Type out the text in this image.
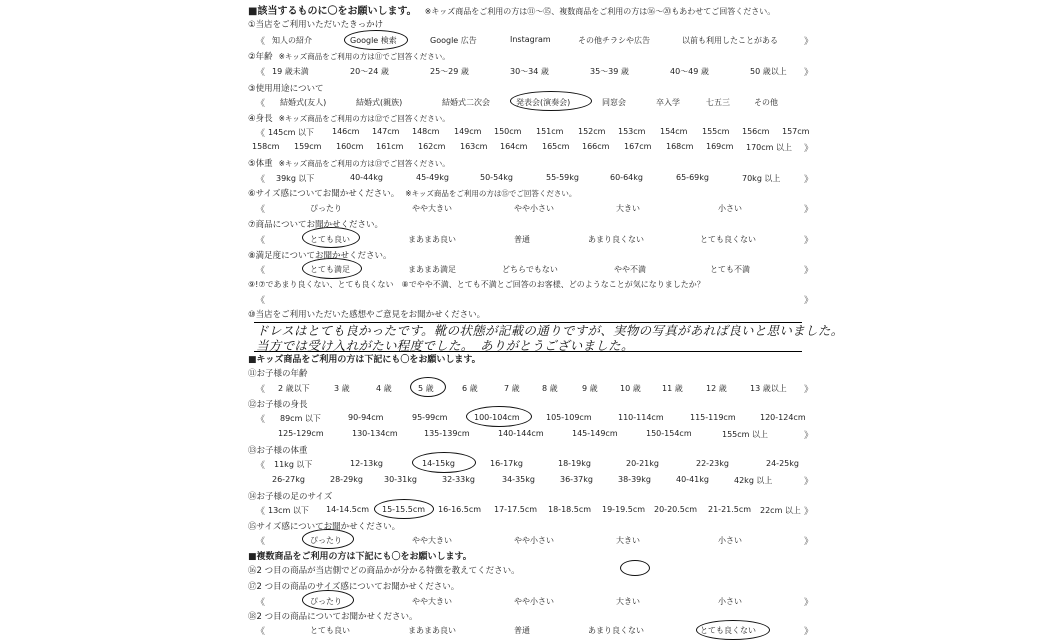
■該当するものに〇をお願いします。 ※キッズ商品をご利用の方は⑪〜⑮、複数商品をご利用の方は⑯〜⑳もあわせてご回答ください。
①当店をご利用いただいたきっかけ
《 知人の紹介	Google 検索	Google 広告	Instagram	その他チラシや広告	以前も利用したことがある	》
②年齢 ※キッズ商品をご利用の方は⑪でご回答ください。
《 19 歳未満	20〜24 歳	25〜29 歳	30〜34 歳	35〜39 歳	40〜49 歳	50 歳以上 》
③使用用途について
《 結婚式(友人)	結婚式(親族)	結婚式二次会	発表会(演奏会)	同窓会	卒入学	七五三	その他
④身長 ※キッズ商品をご利用の方は⑫でご回答ください。
《 145cm 以下 146cm 147cm 148cm 149cm 150cm 151cm 152cm 153cm 154cm 155cm 156cm 157cm
158cm 159cm 160cm 161cm 162cm 163cm 164cm 165cm 166cm 167cm 168cm 169cm 170cm 以上 》
⑤体重 ※キッズ商品をご利用の方は⑬でご回答ください。
《 39kg 以下	40-44kg	45-49kg	50-54kg	55-59kg	60-64kg	65-69kg	70kg 以上	》
⑥サイズ感についてお聞かせください。 ※キッズ商品をご利用の方は⑮でご回答ください。
《	ぴったり	やや大きい	やや小さい	大きい	小さい	》
⑦商品についてお聞かせください。
《	とても良い	まあまあ良い	普通	あまり良くない	とても良くない	》
⑧満足度についてお聞かせください。
《	とても満足	まあまあ満足	どちらでもない	やや不満	とても不満	》
⑨!⑦であまり良くない、とても良くない　⑧でやや不満、とても不満とご回答のお客様、どのようなことが気になりましたか？
《	》
⑩当店をご利用いただいた感想やご意見をお聞かせください。
ドレスはとても良かったです。靴の状態が記載の通りですが、実物の写真があれば良いと思いました。
当方では受け入れがたい程度でした。　ありがとうございました。
■キッズ商品をご利用の方は下記にも〇をお願いします。
⑪お子様の年齢
《 2 歳以下	3 歳	4 歳	5 歳	6 歳	7 歳	8 歳	9 歳	10 歳	11 歳	12 歳	13 歳以上 》
⑫お子様の身長
《 89cm 以下	90-94cm	95-99cm	100-104cm	105-109cm	110-114cm	115-119cm	120-124cm
125-129cm	130-134cm	135-139cm	140-144cm	145-149cm	150-154cm	155cm 以上	》
⑬お子様の体重
《 11kg 以下	12-13kg	14-15kg	16-17kg	18-19kg	20-21kg	22-23kg	24-25kg
26-27kg	28-29kg	30-31kg	32-33kg	34-35kg	36-37kg	38-39kg	40-41kg	42kg 以上	》
⑭お子様の足のサイズ
《 13cm 以下 14-14.5cm 15-15.5cm 16-16.5cm 17-17.5cm 18-18.5cm 19-19.5cm 20-20.5cm 21-21.5cm 22cm 以上 》
⑮サイズ感についてお聞かせください。
《	ぴったり	やや大きい	やや小さい	大きい	小さい	》
■複数商品をご利用の方は下記にも〇をお願いします。
⑯2 つ目の商品が当店側でどの商品かが分かる特徴を教えてください。
⑰2 つ目の商品のサイズ感についてお聞かせください。
《	ぴったり	やや大きい	やや小さい	大きい	小さい	》
⑱2 つ目の商品についてお聞かせください。
《	とても良い	まあまあ良い	普通	あまり良くない	とても良くない	》
